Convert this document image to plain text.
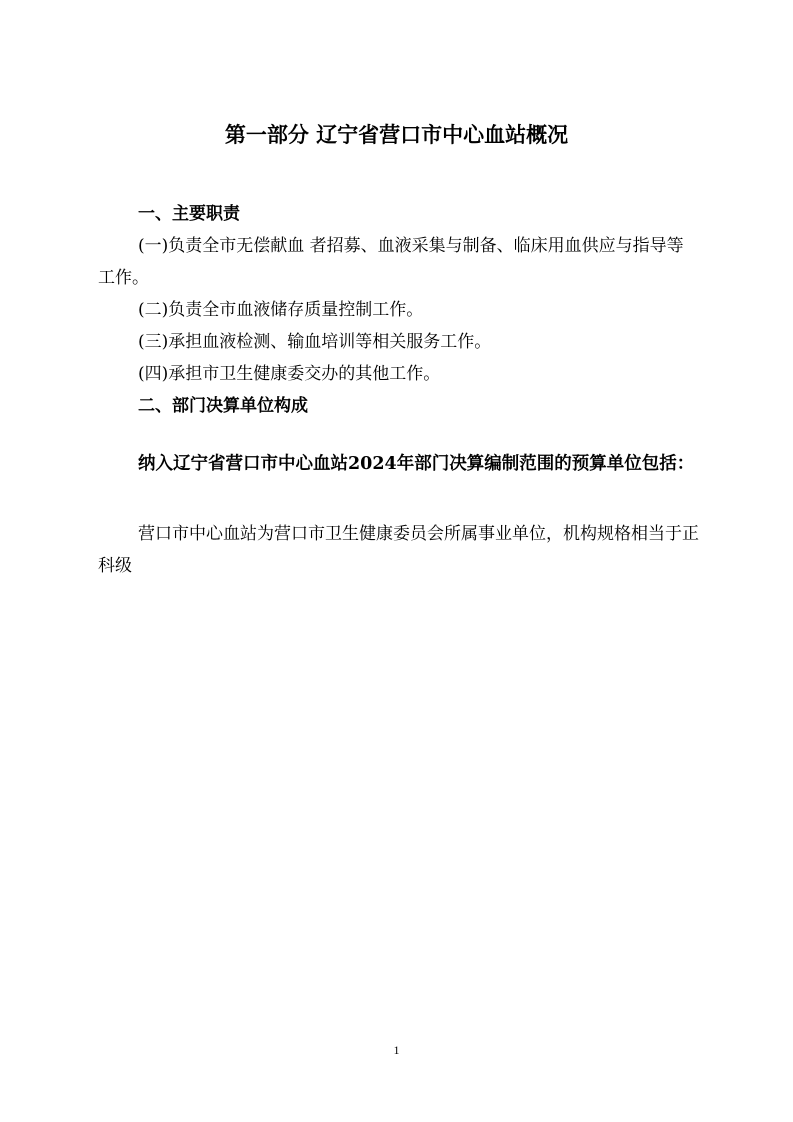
第一部分 辽宁省营口市中心血站概况

一、主要职责

(一)负责全市无偿献血 者招募、血液采集与制备、临床用血供应与指导等工作。

(二)负责全市血液储存质量控制工作。

(三)承担血液检测、输血培训等相关服务工作。

(四)承担市卫生健康委交办的其他工作。

二、部门决算单位构成

纳入辽宁省营口市中心血站2024年部门决算编制范围的预算单位包括：

营口市中心血站为营口市卫生健康委员会所属事业单位，机构规格相当于正科级

1
